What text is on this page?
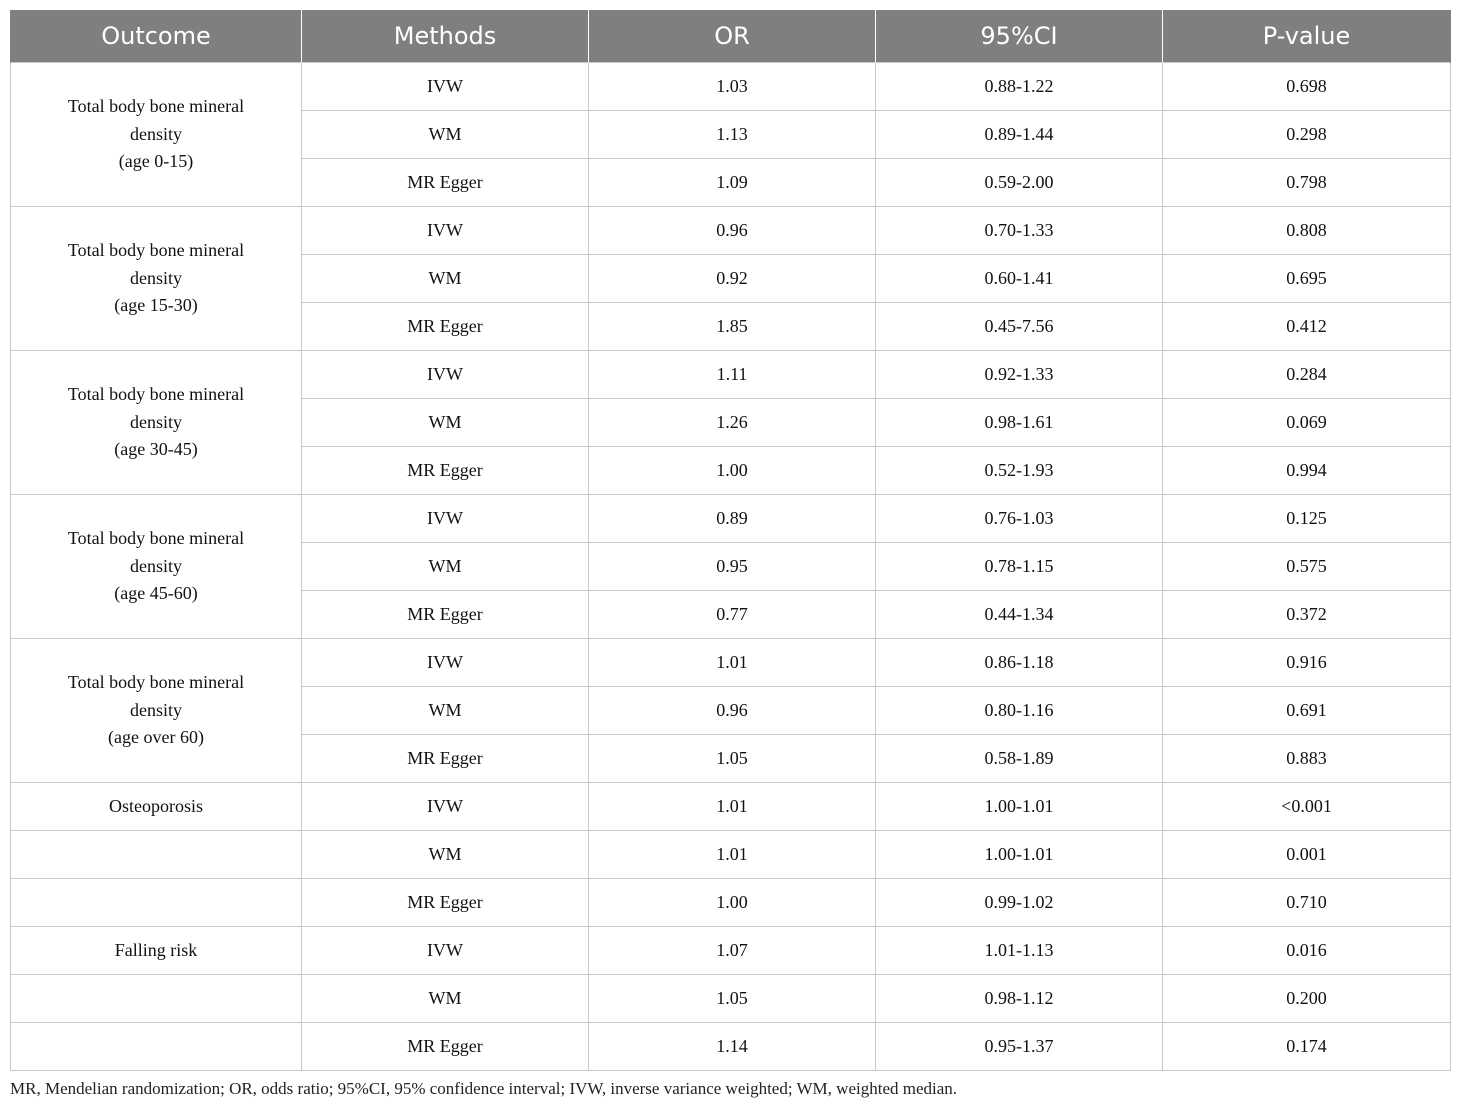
Outcome	Methods	OR	95%CI	P-value

Total body bone mineral
density
(age 0-15)	IVW	1.03	0.88-1.22	0.698
	WM	1.13	0.89-1.44	0.298
	MR Egger	1.09	0.59-2.00	0.798

Total body bone mineral
density
(age 15-30)	IVW	0.96	0.70-1.33	0.808
	WM	0.92	0.60-1.41	0.695
	MR Egger	1.85	0.45-7.56	0.412

Total body bone mineral
density
(age 30-45)	IVW	1.11	0.92-1.33	0.284
	WM	1.26	0.98-1.61	0.069
	MR Egger	1.00	0.52-1.93	0.994

Total body bone mineral
density
(age 45-60)	IVW	0.89	0.76-1.03	0.125
	WM	0.95	0.78-1.15	0.575
	MR Egger	0.77	0.44-1.34	0.372

Total body bone mineral
density
(age over 60)	IVW	1.01	0.86-1.18	0.916
	WM	0.96	0.80-1.16	0.691
	MR Egger	1.05	0.58-1.89	0.883
Osteoporosis	IVW	1.01	1.00-1.01	<0.001
	WM	1.01	1.00-1.01	0.001
	MR Egger	1.00	0.99-1.02	0.710
Falling risk	IVW	1.07	1.01-1.13	0.016
	WM	1.05	0.98-1.12	0.200
	MR Egger	1.14	0.95-1.37	0.174

MR, Mendelian randomization; OR, odds ratio; 95%CI, 95% confidence interval; IVW, inverse variance weighted; WM, weighted median.
